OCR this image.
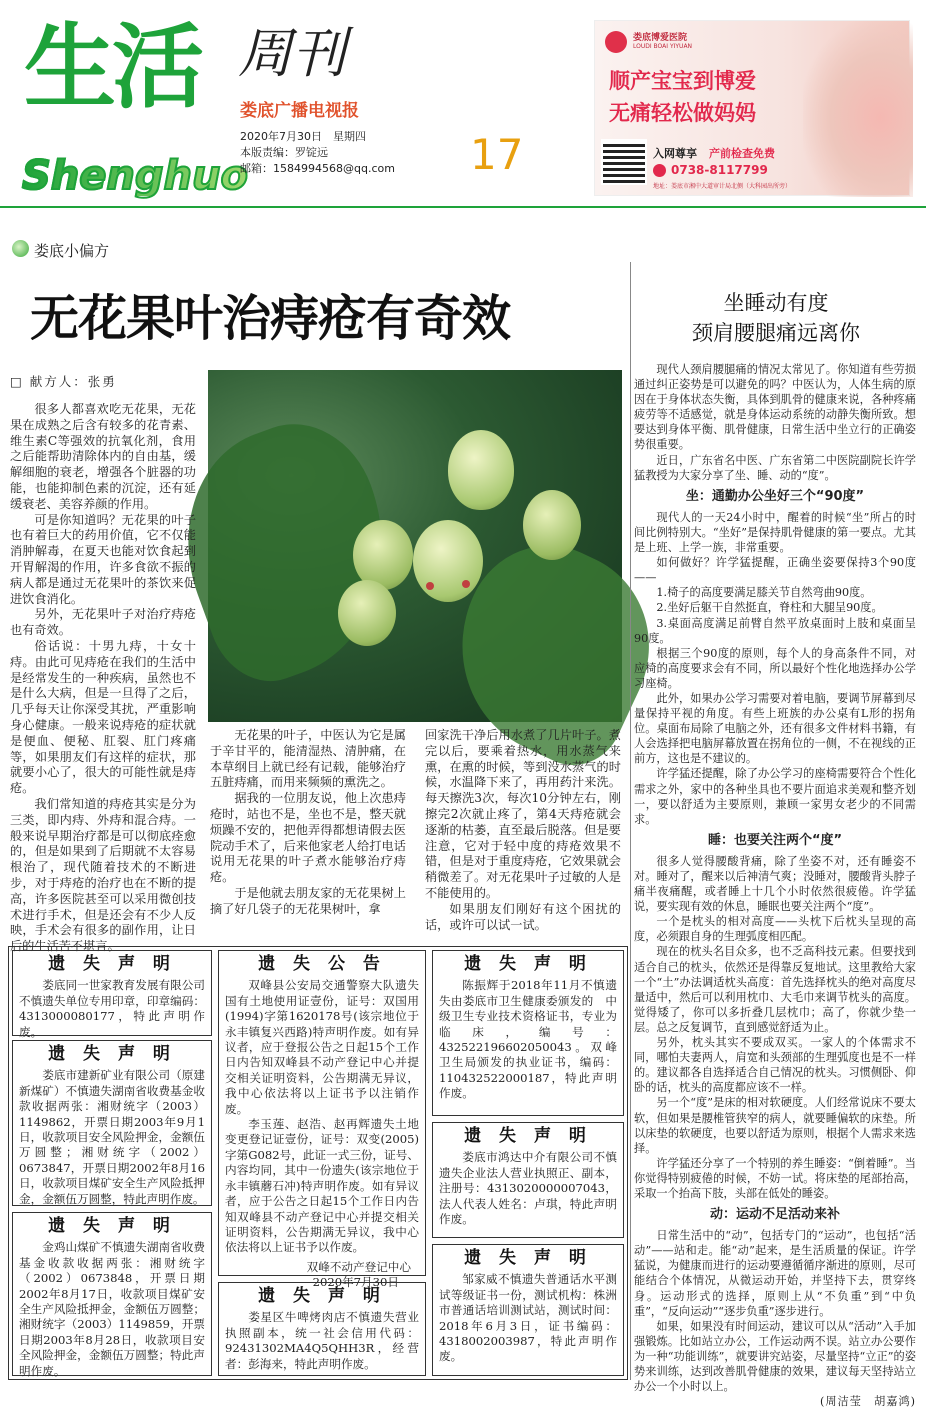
生活 周刊
娄底广播电视报
Shenghuo
2020年7月30日　星期四
本版责编：罗锭远
邮箱：1584994568@qq.com 17
娄底博爱医院
LOUDI BOAI YIYUAN
顺产宝宝到博爱
无痛轻松做妈妈
入网尊享 产前检查免费
0738-8117799
地址：娄底市湘中大道审计局北侧（大科园出所旁）
娄底小偏方
无花果叶治痔疮有奇效
□ 献方人：张勇

很多人都喜欢吃无花果，无花果在成熟之后含有较多的花青素、维生素C等强效的抗氧化剂，食用之后能帮助清除体内的自由基，缓解细胞的衰老，增强各个脏器的功能，也能抑制色素的沉淀，还有延缓衰老、美容养颜的作用。

可是你知道吗？无花果的叶子也有着巨大的药用价值，它不仅能消肿解毒，在夏天也能对饮食起到开胃解渴的作用，许多食欲不振的病人都是通过无花果叶的茶饮来促进饮食消化。

另外，无花果叶子对治疗痔疮也有奇效。

俗话说：十男九痔，十女十痔。由此可见痔疮在我们的生活中是经常发生的一种疾病，虽然也不是什么大病，但是一旦得了之后，几乎每天让你深受其扰，严重影响身心健康。一般来说痔疮的症状就是便血、便秘、肛裂、肛门疼痛等，如果朋友们有这样的症状，那就要小心了，很大的可能性就是痔疮。

我们常知道的痔疮其实是分为三类，即内痔、外痔和混合痔。一般来说早期治疗都是可以彻底痊愈的，但是如果到了后期就不太容易根治了，现代随着技术的不断进步，对于痔疮的治疗也在不断的提高，许多医院甚至可以采用微创技术进行手术，但是还会有不少人反映，手术会有很多的副作用，让日后的生活苦不堪言。

无花果的叶子，中医认为它是属于辛甘平的，能清湿热、清肿痛，在本草纲目上就已经有记载，能够治疗五脏痔痛，而用来频频的熏洗之。

据我的一位朋友说，他上次患痔疮时，站也不是，坐也不是，整天就烦躁不安的，把他弄得都想请假去医院动手术了，后来他家老人给打电话说用无花果的叶子煮水能够治疗痔疮。

于是他就去朋友家的无花果树上摘了好几袋子的无花果树叶，拿

回家洗干净后用水煮了几片叶子。煮完以后，要乘着热水，用水蒸气来熏，在熏的时候，等到没水蒸气的时候，水温降下来了，再用药汁来洗。每天擦洗3次，每次10分钟左右，刚擦完2次就止疼了，第4天痔疮就会逐渐的枯萎，直至最后脱落。但是要注意，它对于轻中度的痔疮效果不错，但是对于重度痔疮，它效果就会稍微差了。对无花果叶子过敏的人是不能使用的。

如果朋友们刚好有这个困扰的话，或许可以试一试。

坐睡动有度
颈肩腰腿痛远离你

现代人颈肩腰腿痛的情况太常见了。你知道有些劳损通过纠正姿势是可以避免的吗？中医认为，人体生病的原因在于身体状态失衡，具体到肌骨的健康来说，各种疼痛疲劳等不适感觉，就是身体运动系统的动静失衡所致。想要达到身体平衡、肌骨健康，日常生活中坐立行的正确姿势很重要。

近日，广东省名中医、广东省第二中医院副院长许学猛教授为大家分享了坐、睡、动的“度”。

坐：通勤办公坐好三个“90度”

现代人的一天24小时中，醒着的时候“坐”所占的时间比例特别大。“坐好”是保持肌骨健康的第一要点。尤其是上班、上学一族，非常重要。

如何做好？许学猛提醒，正确坐姿要保持3个90度——

1.椅子的高度要满足膝关节自然弯曲90度。

2.坐好后躯干自然挺直，脊柱和大腿呈90度。

3.桌面高度满足前臂自然平放桌面时上肢和桌面呈90度。

根据三个90度的原则，每个人的身高条件不同，对应椅的高度要求会有不同，所以最好个性化地选择办公学习座椅。

此外，如果办公学习需要对着电脑，要调节屏幕到尽量保持平视的角度。有些上班族的办公桌有L形的拐角位。桌面布局除了电脑之外，还有很多文件材料书籍，有人会选择把电脑屏幕放置在拐角位的一侧，不在视线的正前方，这也是不建议的。

许学猛还提醒，除了办公学习的座椅需要符合个性化需求之外，家中的各种坐具也不要片面追求美观和整齐划一，要以舒适为主要原则，兼顾一家男女老少的不同需求。

睡：也要关注两个“度”

很多人觉得腰酸背痛，除了坐姿不对，还有睡姿不对。睡对了，醒来以后神清气爽；没睡对，腰酸背头脖子痛半夜痛醒，或者睡上十几个小时依然很疲倦。许学猛说，要实现有效的休息，睡眠也要关注两个“度”。

一个是枕头的相对高度——头枕下后枕头呈现的高度，必须跟自身的生理弧度相匹配。

现在的枕头名目众多，也不乏高科技元素。但要找到适合自己的枕头，依然还是得靠反复地试。这里教给大家一个“土”办法调适枕头高度：首先选择枕头的绝对高度尽量适中，然后可以利用枕巾、大毛巾来调节枕头的高度。觉得矮了，你可以多折叠几层枕巾；高了，你就少垫一层。总之反复调节，直到感觉舒适为止。

另外，枕头其实不要成双买。一家人的个体需求不同，哪怕夫妻两人，肩宽和头颈部的生理弧度也是不一样的。建议都各自选择适合自己情况的枕头。习惯侧卧、仰卧的话，枕头的高度都应该不一样。

另一个“度”是床的相对软硬度。人们经常说床不要太软，但如果是腰椎管狭窄的病人，就要睡偏软的床垫。所以床垫的软硬度，也要以舒适为原则，根据个人需求来选择。

许学猛还分享了一个特别的养生睡姿：“倒着睡”。当你觉得特别疲倦的时候，不妨一试。将床垫的尾部抬高，采取一个抬高下肢，头部在低处的睡姿。

动：运动不足活动来补

日常生活中的“动”，包括专门的“运动”，也包括“活动”——站和走。能“动”起来，是生活质量的保证。许学猛说，为健康而进行的运动要遵循循序渐进的原则，尽可能结合个体情况，从微运动开始，并坚持下去，贯穿终身。运动形式的选择，原则上从“不负重”到“中负重”，“反向运动”“逐步负重”逐步进行。

如果，如果没有时间运动，建议可以从“活动”入手加强锻炼。比如站立办公，工作运动两不误。站立办公要作为一种“功能训练”，就要讲究站姿，尽量坚持“立正”的姿势来训练，达到改善肌骨健康的效果，建议每天坚持站立办公一个小时以上。

(周洁莹　胡嘉鸿)
遗 失 声 明

娄底同一世家教育发展有限公司不慎遗失单位专用印章，印章编码：4313000080177，特此声明作废。

遗 失 声 明

娄底市建新矿业有限公司（原建新煤矿）不慎遗失湖南省收费基金收款收据两张：湘财统字（2003）1149862，开票日期2003年9月1日，收款项目安全风险押金，金额伍万圆整；湘财统字（2002）0673847，开票日期2002年8月16日，收款项目煤矿安全生产风险抵押金，金额伍万圆整，特此声明作废。

遗 失 声 明

金鸡山煤矿不慎遗失湖南省收费基金收款收据两张：湘财统字（2002）0673848，开票日期2002年8月17日，收款项目煤矿安全生产风险抵押金，金额伍万圆整；湘财统字（2003）1149859，开票日期2003年8月28日，收款项目安全风险押金，金额伍万圆整；特此声明作废。

遗 失 公 告

双峰县公安局交通警察大队遗失国有土地使用证壹份，证号：双国用(1994)字第1620178号(该宗地位于永丰镇复兴西路)特声明作废。如有异议者，应于登报公告之日起15个工作日内告知双峰县不动产登记中心并提交相关证明资料，公告期满无异议，我中心依法将以上证书予以注销作废。

李玉莲、赵浩、赵再辉遗失土地变更登记证壹份，证号：双变(2005)字第G082号，此证一式三份，证号、内容均同，其中一份遗失(该宗地位于永丰镇蘑石冲)特声明作废。如有异议者，应于公告之日起15个工作日内告知双峰县不动产登记中心并提交相关证明资料，公告期满无异议，我中心依法将以上证书予以作废。

双峰不动产登记中心
2020年7月30日
遗 失 声 明

娄星区牛啤烤肉店不慎遗失营业执照副本，统一社会信用代码：92431302MA4Q5QHH3R，经营者：彭海来，特此声明作废。

遗 失 声 明

陈振辉于2018年11月不慎遗失由娄底市卫生健康委颁发的　中级卫生专业技术资格证书，专业为临床，编号：432522196602050043。双峰卫生局颁发的执业证书，编码：110432522000187，特此声明作废。

遗 失 声 明

娄底市鸿达中介有限公司不慎遗失企业法人营业执照正、副本，注册号：4313020000007043，法人代表人姓名：卢琪，特此声明作废。

遗 失 声 明

邹家威不慎遗失普通话水平测试等级证书一份，测试机构：株洲市普通话培训测试站，测试时间：2018年6月3日，证书编码：4318002003987，特此声明作废。
